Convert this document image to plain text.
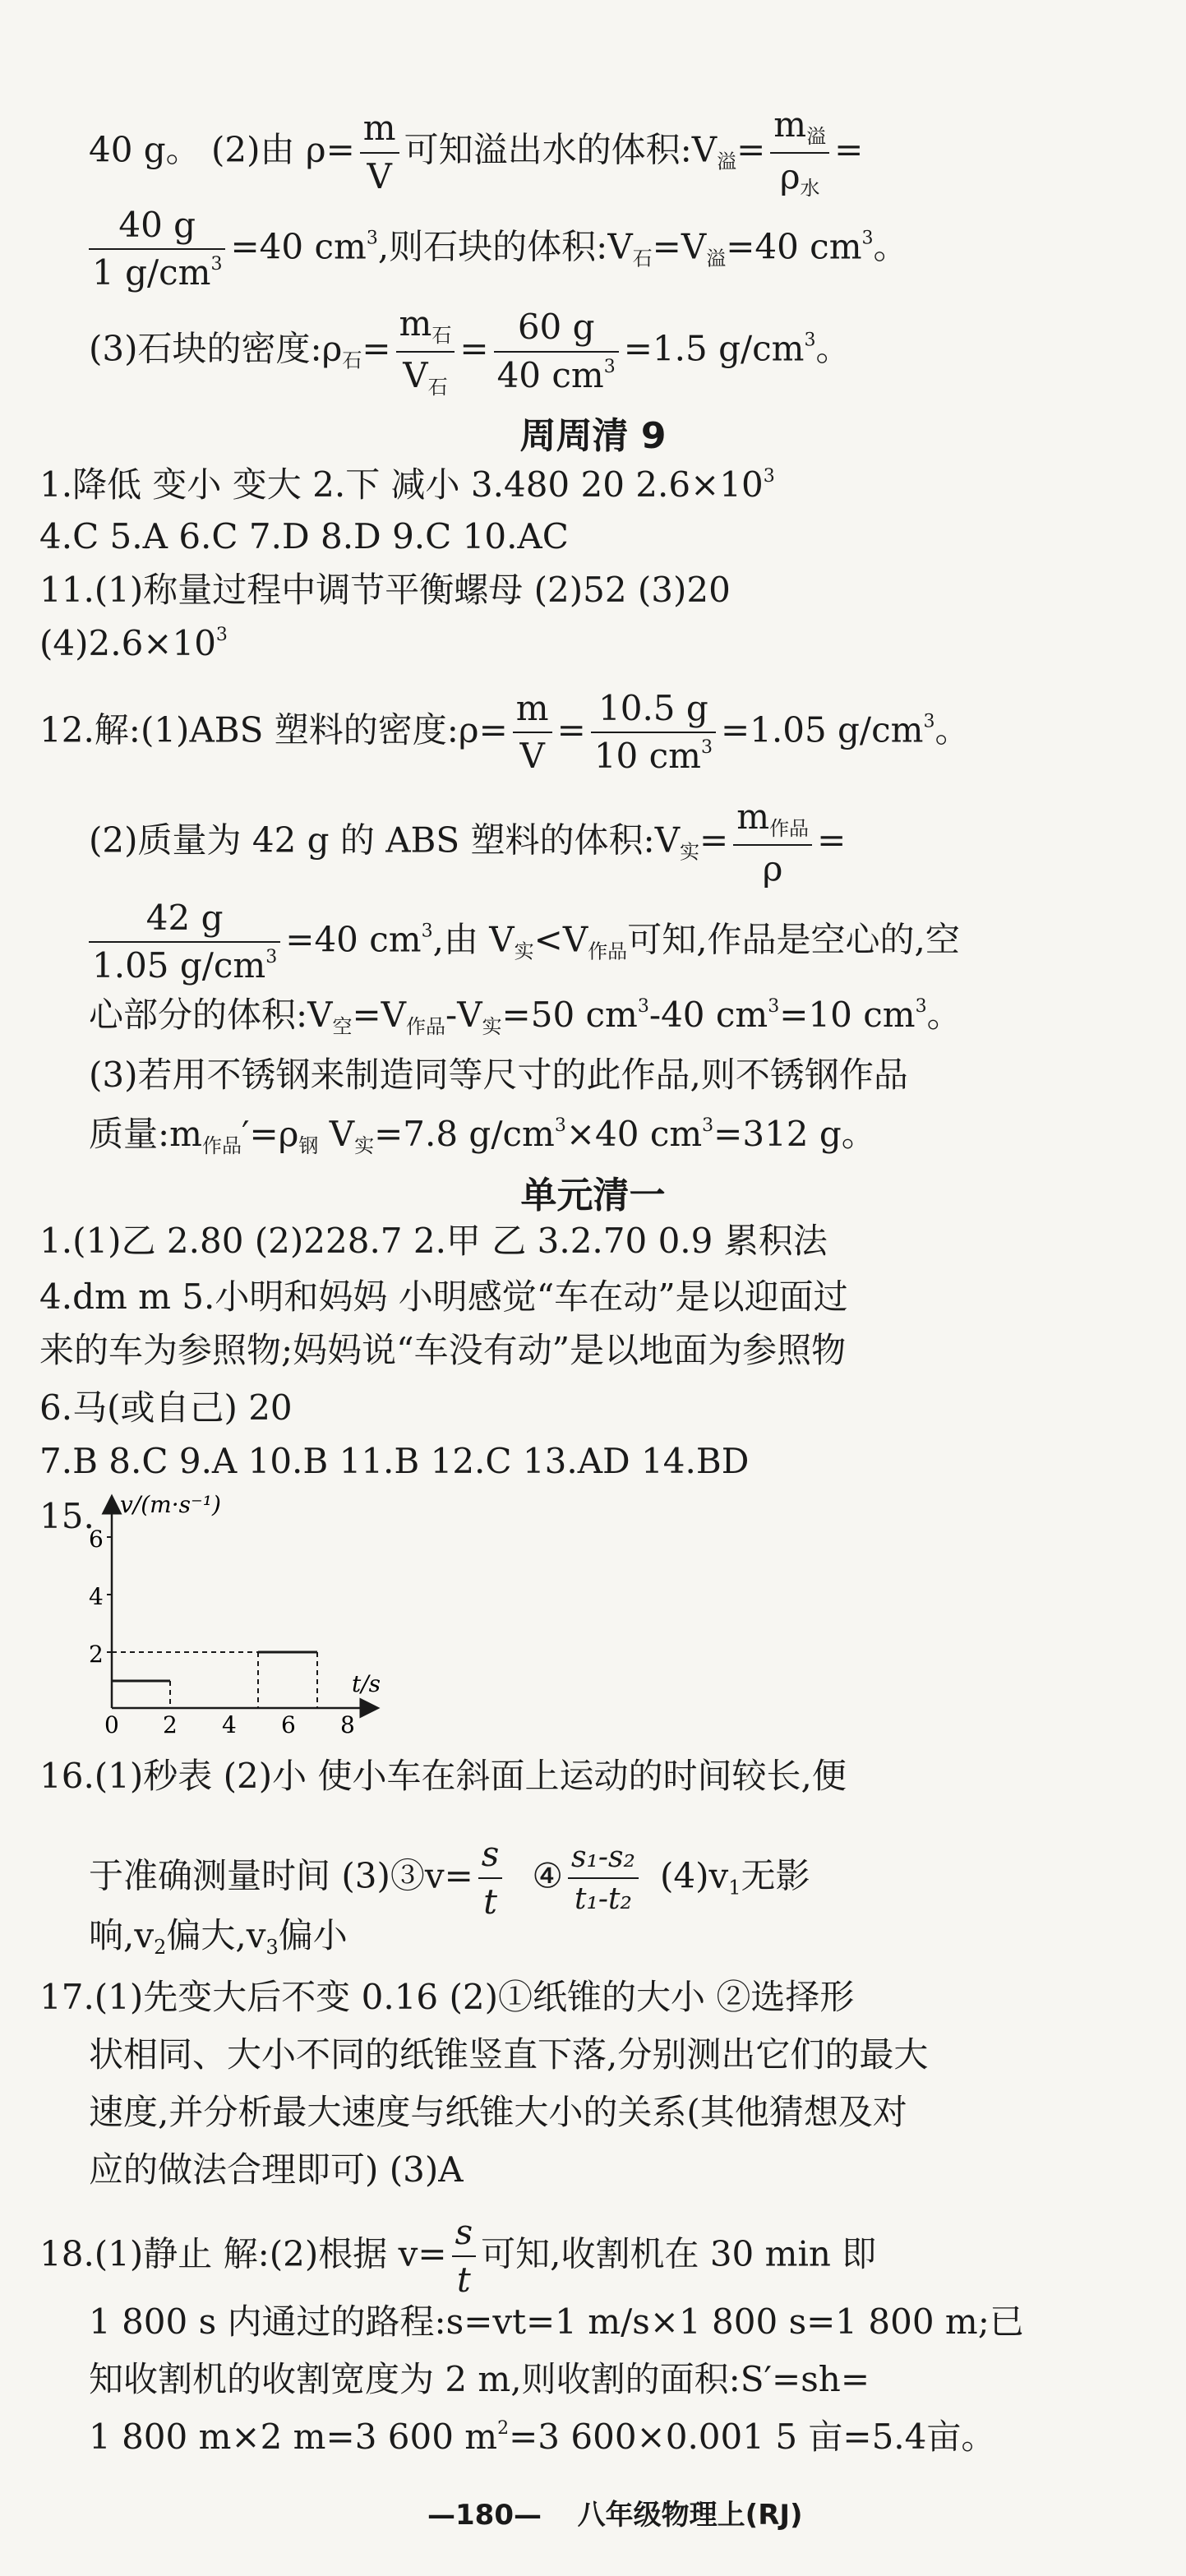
40 g。 (2)由 $\rho= \frac{m}{V}$ 可知溢出水的体积$:V_溢= \frac{m_溢}{\rho_水}$ =
$\frac{40 g}{1 g/cm^3} =40$ $cm^3$,则石块的体积$:V_石=V_溢=40$ $cm^3$。
(3)石块的密度$:\rho_石= \frac{m_石}{V_石} = \frac{60 g}{40 cm^3} =1.5$ $g/cm^3$。
周周清 9
1.降低 变小 变大 2.下 减小 3.480 20 $2.6\times 10^3$
4.C 5.A 6.C 7.D 8.D 9.C 10.AC
11.(1)称量过程中调节平衡螺母 (2)52 (3)20
$(4)2.6\times 10^3$
12.解:(1)ABS 塑料的密度:ρ= $\frac{m}{V} = \frac{10.5 g}{10 cm^3} =1.05$ $g/cm^3$。
(2)质量为 42 g 的 ABS 塑料的体积$:V_实= \frac{m_{作品}}{\rho}$ =
$\frac{42 g}{1.05 g/cm^3} =40$ $cm^3$,由 $V_实<V_{作品}$可知,作品是空心的,空
心部分的体积$:V_空=V_{作品}-V_实=50$ $cm^3-40$ $cm^3=10$ $cm^3$。
(3)若用不锈钢来制造同等尺寸的此作品,则不锈钢作品
质量$:m_{作品}'=\rho_钢$ $V_实=7.8$ $g/cm^3\times 40$ $cm^3=312$ g。
单元清一
1.(1)乙 2.80 (2)228.7 2.甲 乙 3.2.70 0.9 累积法
4.dm m 5.小明和妈妈 小明感觉“车在动”是以迎面过
来的车为参照物;妈妈说“车没有动”是以地面为参照物
6.马(或自己) 20
7.B 8.C 9.A 10.B 11.B 12.C 13.AD 14.BD
15.
2
4
6
0 2 4 6 8
v/(m·s⁻¹)
t/s
16.(1)秒表 (2)小 使小车在斜面上运动的时间较长,便
于准确测量时间 (3)③v= $\frac{s}{t}$ ④ $\frac{\text{s₁-s₂}}{\text{t₁-t₂}} (4)v_1$无影
响$,v_2$偏大$,v_3$偏小
17.(1)先变大后不变 0.16 (2)①纸锥的大小 ②选择形
状相同、大小不同的纸锥竖直下落,分别测出它们的最大
速度,并分析最大速度与纸锥大小的关系(其他猜想及对
应的做法合理即可) (3)A
18.(1)静止 解:(2)根据 $v= \frac{s}{t}$ 可知,收割机在 30 min 即
1 800 s 内通过的路程:s=vt=1 m/s×1 800 s=1 800 m;已
知收割机的收割宽度为 2 m,则收割的面积:S′=sh=
1 800 m×2 m=3 600 $m^2=3$ 600×0.001 5 亩=5.4亩。
—180— 八年级物理上(RJ)
